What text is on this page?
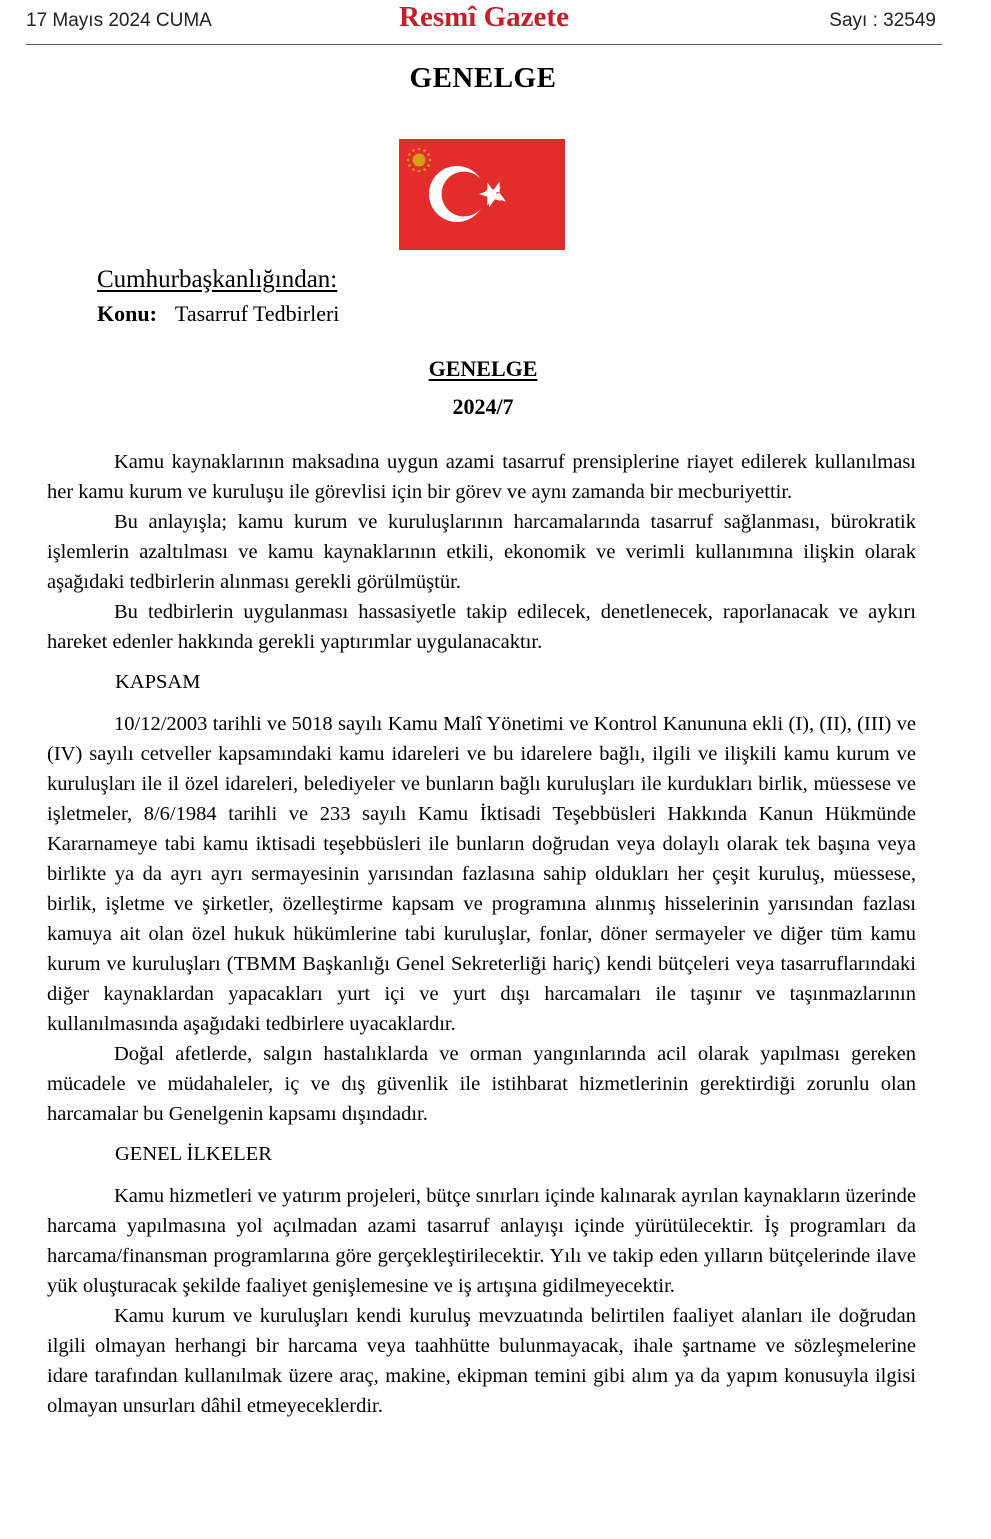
17 Mayıs 2024 CUMA	Resmî Gazete	Sayı : 32549
GENELGE
Cumhurbaşkanlığından:
Konu: Tasarruf Tedbirleri
GENELGE
2024/7

Kamu kaynaklarının maksadına uygun azami tasarruf prensiplerine riayet edilerek kullanılması her kamu kurum ve kuruluşu ile görevlisi için bir görev ve aynı zamanda bir mecburiyettir.

Bu anlayışla; kamu kurum ve kuruluşlarının harcamalarında tasarruf sağlanması, bürokratik işlemlerin azaltılması ve kamu kaynaklarının etkili, ekonomik ve verimli kullanımına ilişkin olarak aşağıdaki tedbirlerin alınması gerekli görülmüştür.

Bu tedbirlerin uygulanması hassasiyetle takip edilecek, denetlenecek, raporlanacak ve aykırı hareket edenler hakkında gerekli yaptırımlar uygulanacaktır.

KAPSAM

10/12/2003 tarihli ve 5018 sayılı Kamu Malî Yönetimi ve Kontrol Kanununa ekli (I), (II), (III) ve (IV) sayılı cetveller kapsamındaki kamu idareleri ve bu idarelere bağlı, ilgili ve ilişkili kamu kurum ve kuruluşları ile il özel idareleri, belediyeler ve bunların bağlı kuruluşları ile kurdukları birlik, müessese ve işletmeler, 8/6/1984 tarihli ve 233 sayılı Kamu İktisadi Teşebbüsleri Hakkında Kanun Hükmünde Kararnameye tabi kamu iktisadi teşebbüsleri ile bunların doğrudan veya dolaylı olarak tek başına veya birlikte ya da ayrı ayrı sermayesinin yarısından fazlasına sahip oldukları her çeşit kuruluş, müessese, birlik, işletme ve şirketler, özelleştirme kapsam ve programına alınmış hisselerinin yarısından fazlası kamuya ait olan özel hukuk hükümlerine tabi kuruluşlar, fonlar, döner sermayeler ve diğer tüm kamu kurum ve kuruluşları (TBMM Başkanlığı Genel Sekreterliği hariç) kendi bütçeleri veya tasarruflarındaki diğer kaynaklardan yapacakları yurt içi ve yurt dışı harcamaları ile taşınır ve taşınmazlarının kullanılmasında aşağıdaki tedbirlere uyacaklardır.

Doğal afetlerde, salgın hastalıklarda ve orman yangınlarında acil olarak yapılması gereken mücadele ve müdahaleler, iç ve dış güvenlik ile istihbarat hizmetlerinin gerektirdiği zorunlu olan harcamalar bu Genelgenin kapsamı dışındadır.

GENEL İLKELER

Kamu hizmetleri ve yatırım projeleri, bütçe sınırları içinde kalınarak ayrılan kaynakların üzerinde harcama yapılmasına yol açılmadan azami tasarruf anlayışı içinde yürütülecektir. İş programları da harcama/finansman programlarına göre gerçekleştirilecektir. Yılı ve takip eden yılların bütçelerinde ilave yük oluşturacak şekilde faaliyet genişlemesine ve iş artışına gidilmeyecektir.

Kamu kurum ve kuruluşları kendi kuruluş mevzuatında belirtilen faaliyet alanları ile doğrudan ilgili olmayan herhangi bir harcama veya taahhütte bulunmayacak, ihale şartname ve sözleşmelerine idare tarafından kullanılmak üzere araç, makine, ekipman temini gibi alım ya da yapım konusuyla ilgisi olmayan unsurları dâhil etmeyeceklerdir.
